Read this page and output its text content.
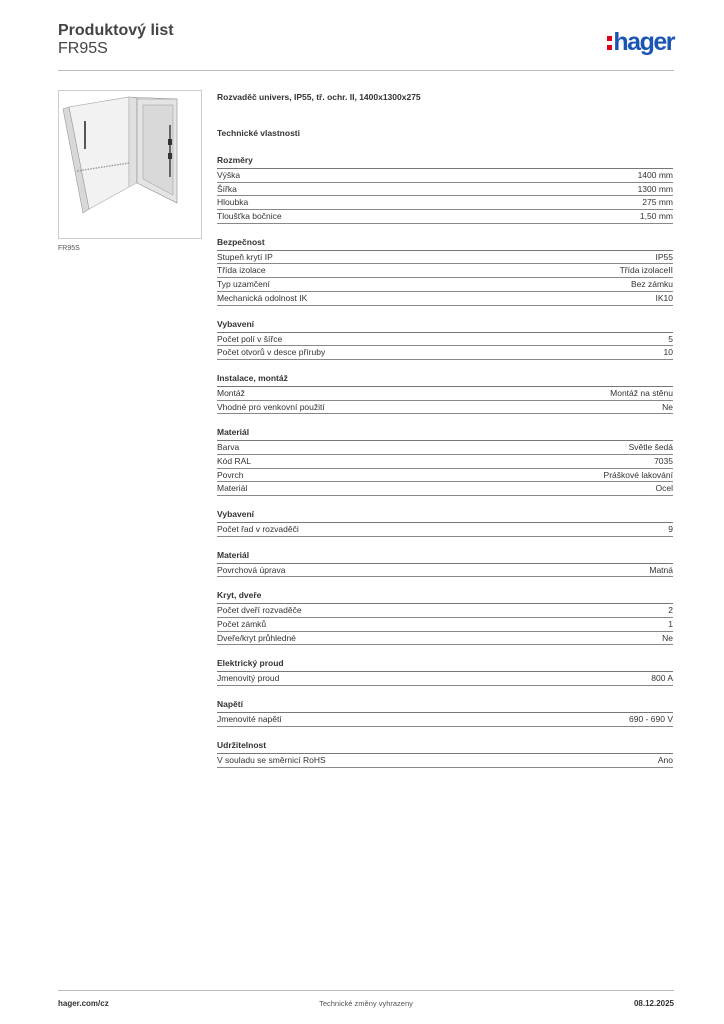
Produktový list
FR95S	hager
FR95S
Rozvaděč univers, IP55, tř. ochr. II, 1400x1300x275
Technické vlastnosti
Rozměry
Výška	1400 mm
Šířka	1300 mm
Hloubka	275 mm
Tloušťka bočnice	1,50 mm
Bezpečnost
Stupeň krytí IP	IP55
Třída izolace	Třída izolaceII
Typ uzamčení	Bez zámku
Mechanická odolnost IK	IK10
Vybavení
Počet polí v šířce	5
Počet otvorů v desce příruby	10
Instalace, montáž
Montáž	Montáž na stěnu
Vhodné pro venkovní použití	Ne
Materiál
Barva	Světle šedá
Kód RAL	7035
Povrch	Práškové lakování
Materiál	Ocel
Vybavení
Počet řad v rozvaděči	9
Materiál
Povrchová úprava	Matná
Kryt, dveře
Počet dveří rozvaděče	2
Počet zámků	1
Dveře/kryt průhledné	Ne
Elektrický proud
Jmenovitý proud	800 A
Napětí
Jmenovité napětí	690 - 690 V
Udržitelnost
V souladu se směrnicí RoHS	Ano
hager.com/cz	Technické změny vyhrazeny	08.12.2025
